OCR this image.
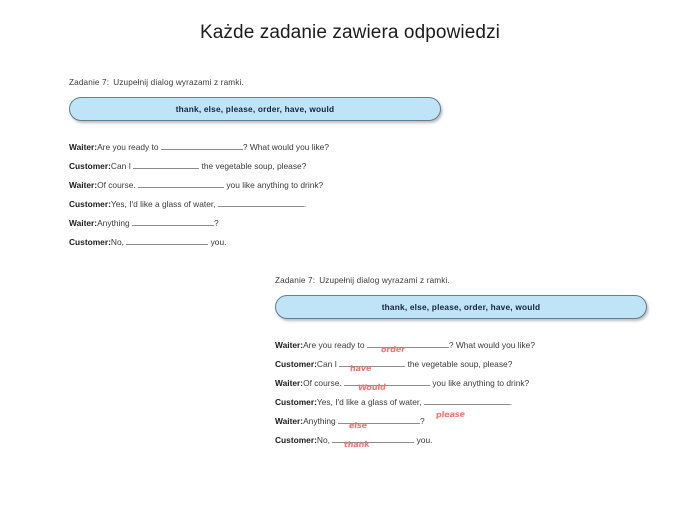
Każde zadanie zawiera odpowiedzi
Zadanie 7: Uzupełnij dialog wyrazami z ramki.
thank, else, please, order, have, would
Waiter:Are you ready to	? What would you like?
Customer:Can I	the vegetable soup, please?
Waiter:Of course.	you like anything to drink?
Customer:Yes, I'd like a glass of water,	.
Waiter:Anything	?
Customer:No,	you.
Zadanie 7: Uzupełnij dialog wyrazami z ramki.
thank, else, please, order, have, would
Waiter:Are you ready to order	? What would you like?
Customer:Can I have	the vegetable soup, please?
Waiter:Of course. Would	you like anything to drink?
Customer:Yes, I'd like a glass of water,
please
.
Waiter:Anything else	?
Customer:No, thank	you.
